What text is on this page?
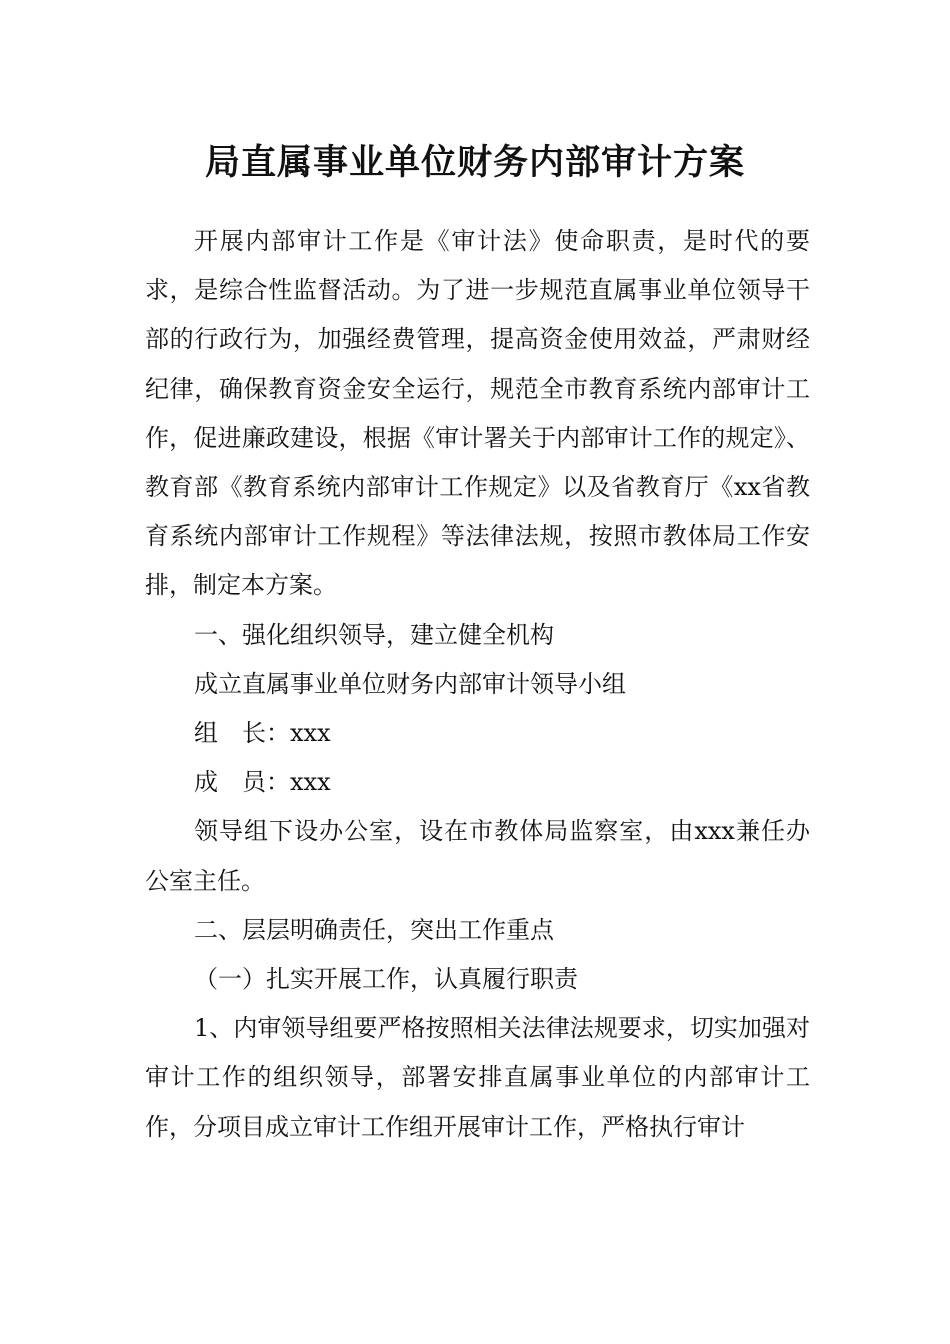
局直属事业单位财务内部审计方案

开展内部审计工作是《审计法》使命职责，是时代的要求，是综合性监督活动。为了进一步规范直属事业单位领导干部的行政行为，加强经费管理，提高资金使用效益，严肃财经纪律，确保教育资金安全运行，规范全市教育系统内部审计工作，促进廉政建设，根据《审计署关于内部审计工作的规定》、教育部《教育系统内部审计工作规定》以及省教育厅《xx省教育系统内部审计工作规程》等法律法规，按照市教体局工作安排，制定本方案。

一、强化组织领导，建立健全机构

成立直属事业单位财务内部审计领导小组

组　长：xxx

成　员：xxx

领导组下设办公室，设在市教体局监察室，由xxx兼任办公室主任。

二、层层明确责任，突出工作重点

（一）扎实开展工作，认真履行职责

1、内审领导组要严格按照相关法律法规要求，切实加强对审计工作的组织领导，部署安排直属事业单位的内部审计工作，分项目成立审计工作组开展审计工作，严格执行审计
